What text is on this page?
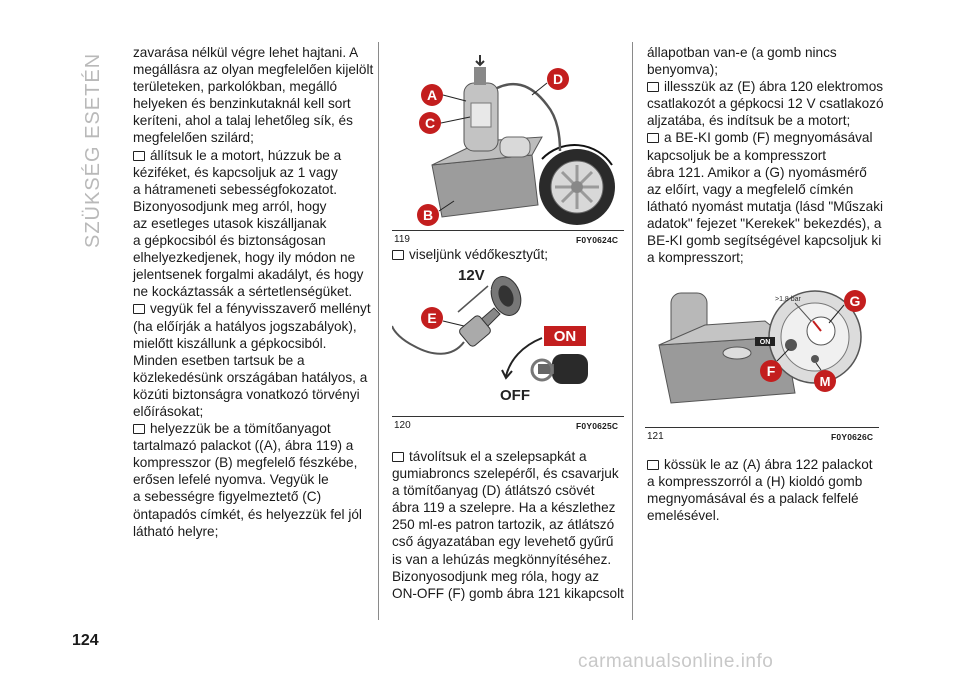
SZÜKSÉG ESETÉN
124
zavarása nélkül végre lehet hajtani. A
megállásra az olyan megfelelően kijelölt
területeken, parkolókban, megálló
helyeken és benzinkutaknál kell sort
keríteni, ahol a talaj lehetőleg sík, és
megfelelően szilárd;
állítsuk le a motort, húzzuk be a
kéziféket, és kapcsoljuk az 1 vagy
a hátrameneti sebességfokozatot.
Bizonyosodjunk meg arról, hogy
az esetleges utasok kiszálljanak
a gépkocsiból és biztonságosan
elhelyezkedjenek, hogy ily módon ne
jelentsenek forgalmi akadályt, és hogy
ne kockáztassák a sértetlenségüket.
vegyük fel a fényvisszaverő mellényt
(ha előírják a hatályos jogszabályok),
mielőtt kiszállunk a gépkocsiból.
Minden esetben tartsuk be a
közlekedésünk országában hatályos, a
közúti biztonságra vonatkozó törvényi
előírásokat;
helyezzük be a tömítőanyagot
tartalmazó palackot ((A), ábra 119) a
kompresszor (B) megfelelő fészkébe,
erősen lefelé nyomva. Vegyük le
a sebességre figyelmeztető (C)
öntapadós címkét, és helyezzük fel jól
látható helyre;
A
C
B
D
119	F0Y0624C
viseljünk védőkesztyűt;
12V
E
ON
OFF
120	F0Y0625C
távolítsuk el a szelepsapkát a
gumiabroncs szelepéről, és csavarjuk
a tömítőanyag (D) átlátszó csövét
ábra 119 a szelepre. Ha a készlethez
250 ml-es patron tartozik, az átlátszó
cső ágyazatában egy levehető gyűrű
is van a lehúzás megkönnyítéséhez.
Bizonyosodjunk meg róla, hogy az
ON-OFF (F) gomb ábra 121 kikapcsolt
állapotban van-e (a gomb nincs
benyomva);
illesszük az (E) ábra 120 elektromos
csatlakozót a gépkocsi 12 V csatlakozó
aljzatába, és indítsuk be a motort;
a BE-KI gomb (F) megnyomásával
kapcsoljuk be a kompresszort
ábra 121. Amikor a (G) nyomásmérő
az előírt, vagy a megfelelő címkén
látható nyomást mutatja (lásd "Műszaki
adatok" fejezet "Kerekek" bekezdés), a
BE-KI gomb segítségével kapcsoljuk ki
a kompresszort;
>1,8 bar
ON
G
F
M
121	F0Y0626C
kössük le az (A) ábra 122 palackot
a kompresszorról a (H) kioldó gomb
megnyomásával és a palack felfelé
emelésével.
carmanualsonline.info
